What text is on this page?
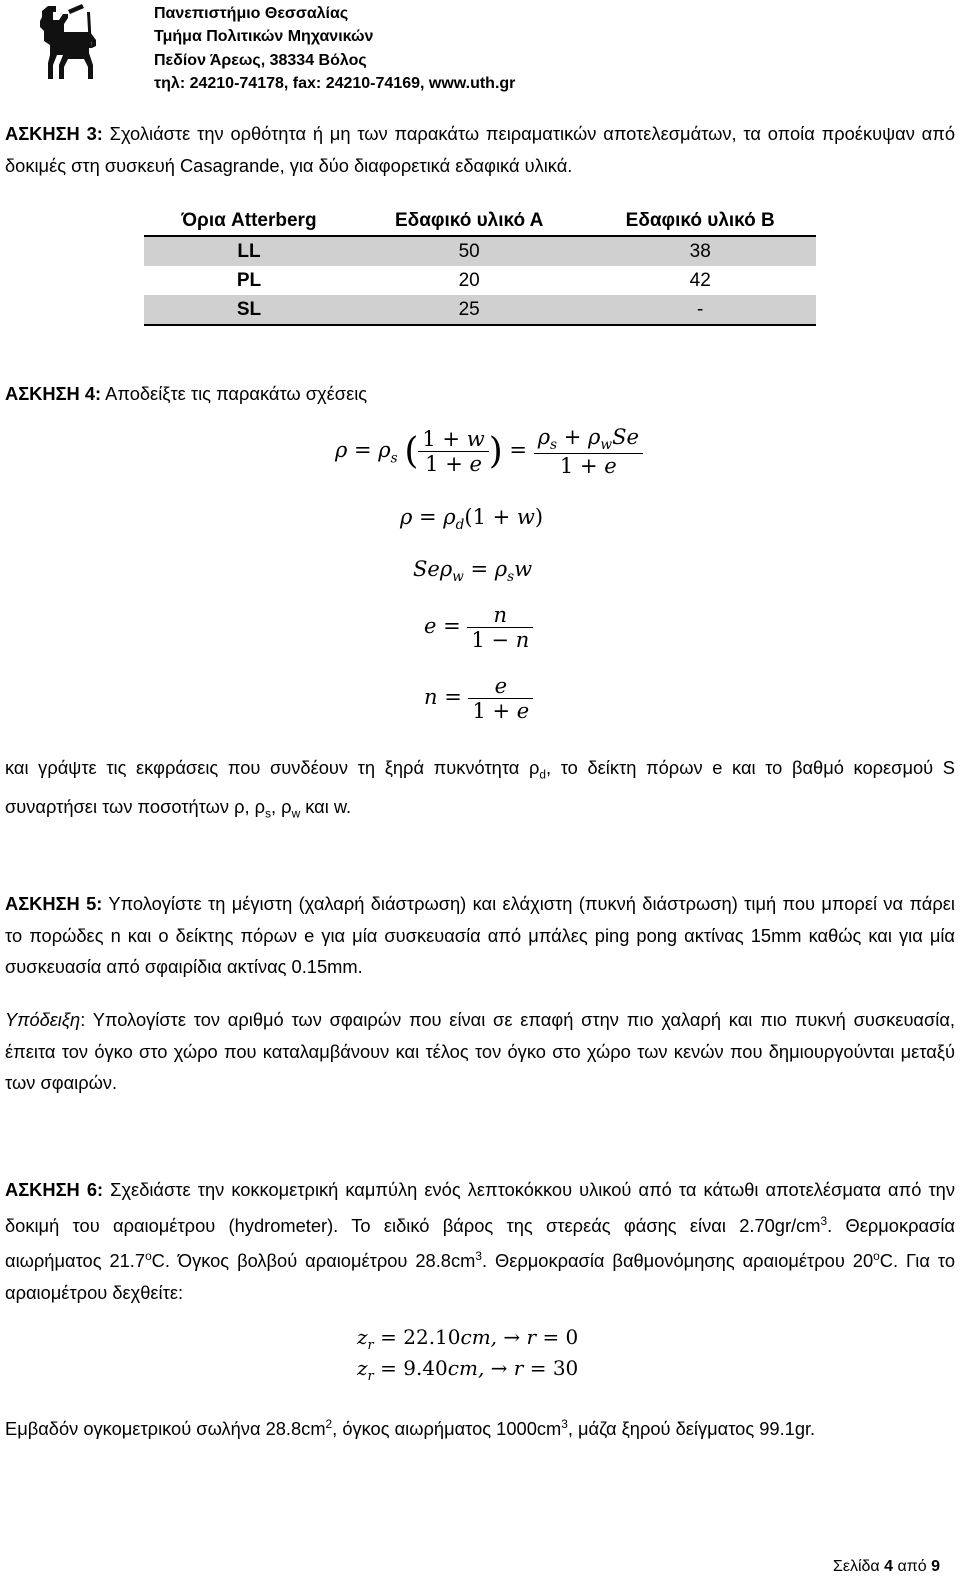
Πανεπιστήμιο Θεσσαλίας
Τμήμα Πολιτικών Μηχανικών
Πεδίον Άρεως, 38334 Βόλος
τηλ: 24210-74178, fax: 24210-74169, www.uth.gr
ΑΣΚΗΣΗ 3: Σχολιάστε την ορθότητα ή μη των παρακάτω πειραματικών αποτελεσμάτων, τα οποία προέκυψαν από δοκιμές στη συσκευή Casagrande, για δύο διαφορετικά εδαφικά υλικά.
Όρια Atterberg	Εδαφικό υλικό Α	Εδαφικό υλικό Β
LL	50	38
PL	20	42
SL	25	-
ΑΣΚΗΣΗ 4: Αποδείξτε τις παρακάτω σχέσεις
$\rho = \rho_s$ ( $\frac{1 + w}{1 + e}$ ) = $\frac{\rho_s + \rho_wSe}{1 + e}$
$\rho = \rho_d(1 + w)$
$Se\rho_w = \rho_sw$
$e = \frac{n}{1 - n}$
$n = \frac{e}{1 + e}$
και γράψτε τις εκφράσεις που συνδέουν τη ξηρά πυκνότητα $\rho_d$, το δείκτη πόρων e και το βαθμό κορεσμού S συναρτήσει των ποσοτήτων ρ, $\rho_s$, $\rho_w$ και w.
ΑΣΚΗΣΗ 5: Υπολογίστε τη μέγιστη (χαλαρή διάστρωση) και ελάχιστη (πυκνή διάστρωση) τιμή που μπορεί να πάρει το πορώδες n και ο δείκτης πόρων e για μία συσκευασία από μπάλες ping pong ακτίνας 15mm καθώς και για μία συσκευασία από σφαιρίδια ακτίνας 0.15mm.
Υπόδειξη: Υπολογίστε τον αριθμό των σφαιρών που είναι σε επαφή στην πιο χαλαρή και πιο πυκνή συσκευασία, έπειτα τον όγκο στο χώρο που καταλαμβάνουν και τέλος τον όγκο στο χώρο των κενών που δημιουργούνται μεταξύ των σφαιρών.
ΑΣΚΗΣΗ 6: Σχεδιάστε την κοκκομετρική καμπύλη ενός λεπτοκόκκου υλικού από τα κάτωθι αποτελέσματα από την δοκιμή του αραιομέτρου (hydrometer). Το ειδικό βάρος της στερεάς φάσης είναι $2.70gr/cm^3$. Θερμοκρασία αιωρήματος 21.7$^o$C. Όγκος βολβού αραιομέτρου $28.8cm^3$. Θερμοκρασία βαθμονόμησης αραιομέτρου 20$^o$C. Για το αραιομέτρου δεχθείτε:
$z_r = 22.10cm$, → r = 0
$z_r = 9.40cm$, → r = 30
Εμβαδόν ογκομετρικού σωλήνα $28.8cm^2$, όγκος αιωρήματος $1000cm^3$, μάζα ξηρού δείγματος 99.1gr.
Σελίδα 4 από 9
